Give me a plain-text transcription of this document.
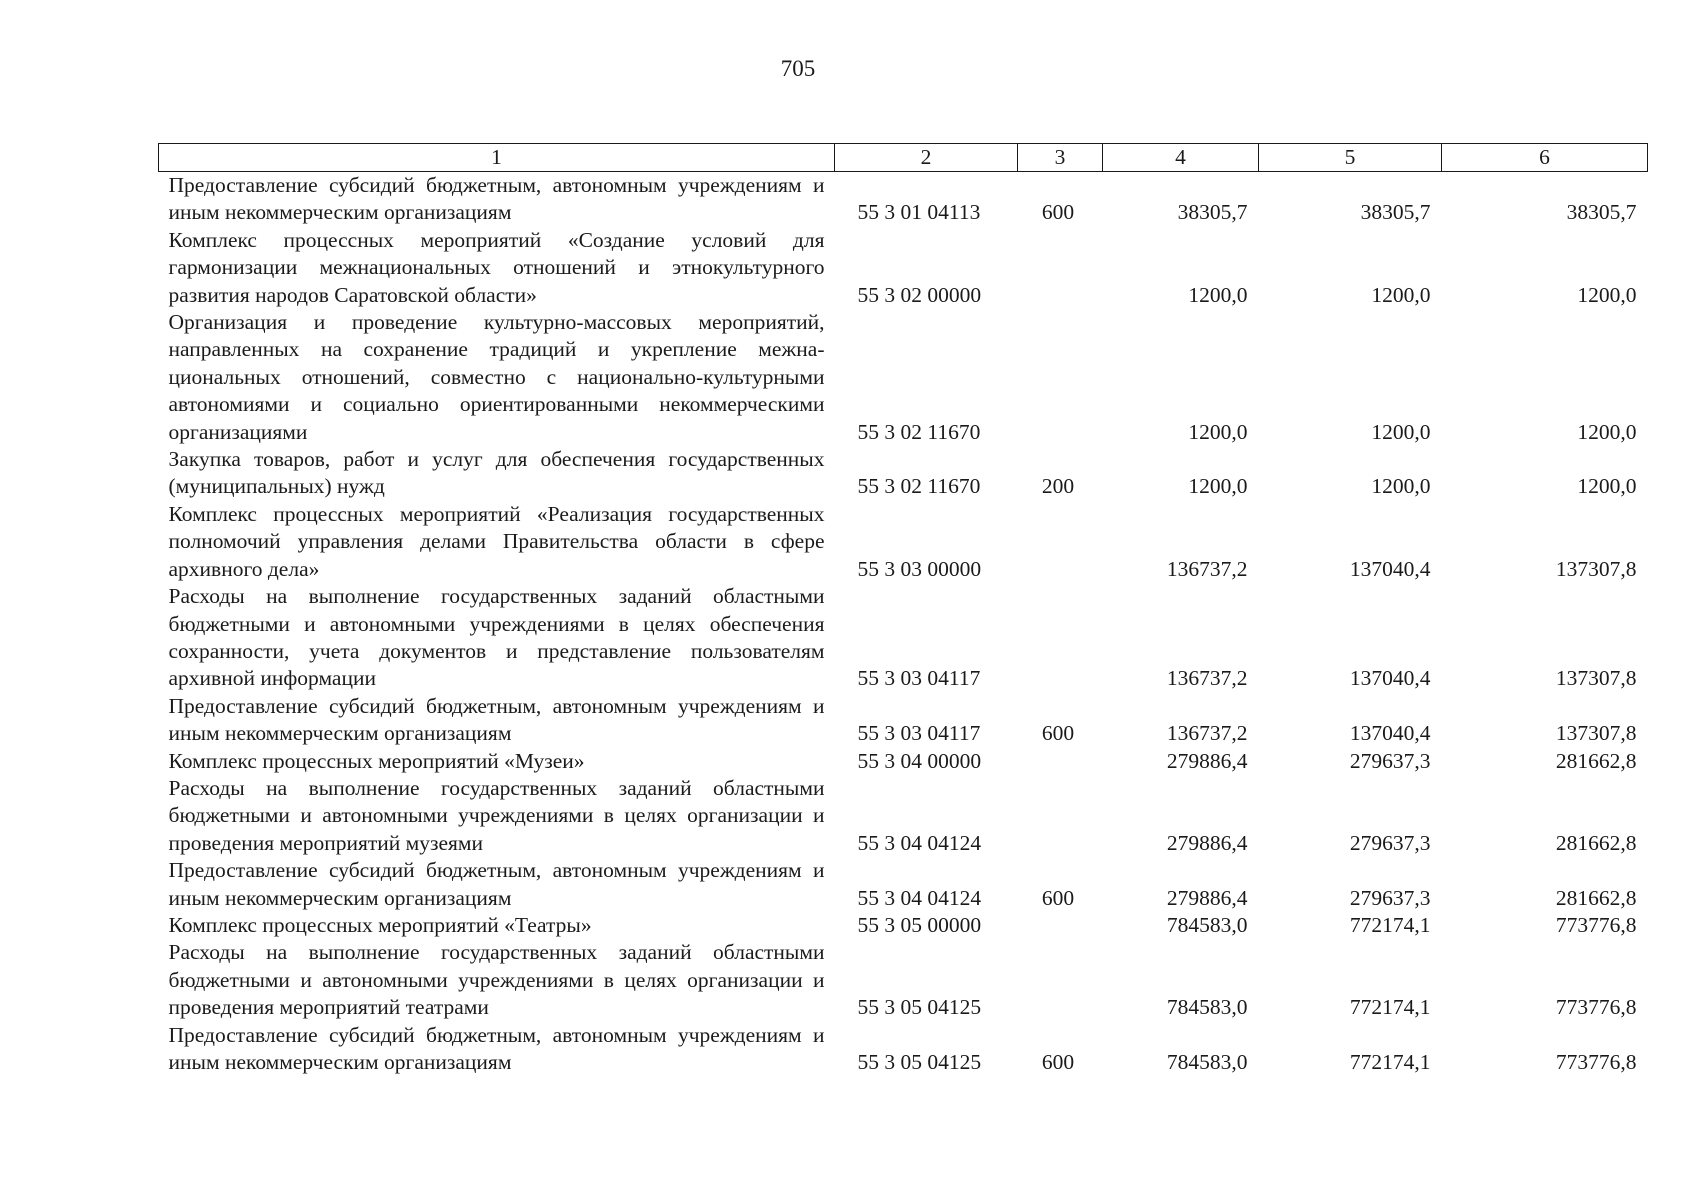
705
1	2	3	4	5	6
Предоставление субсидий бюджетным, автономным учреждениям и иным некоммерческим организациям	55 3 01 04113	600	38305,7	38305,7	38305,7
Комплекс процессных мероприятий «Создание условий для гармонизации межнациональных отношений и этнокультурного развития народов Саратовской области»	55 3 02 00000		1200,0	1200,0	1200,0
Организация и проведение культурно-массовых мероприятий, направленных на сохранение традиций и укрепление межнациональных отношений, совместно с национально-культурными автономиями и социально ориентированными некоммерческими организациями	55 3 02 11670		1200,0	1200,0	1200,0
Закупка товаров, работ и услуг для обеспечения государственных (муниципальных) нужд	55 3 02 11670	200	1200,0	1200,0	1200,0
Комплекс процессных мероприятий «Реализация государственных полномочий управления делами Правительства области в сфере архивного дела»	55 3 03 00000		136737,2	137040,4	137307,8
Расходы на выполнение государственных заданий областными бюджетными и автономными учреждениями в целях обеспечения сохранности, учета документов и представление пользователям архивной информации	55 3 03 04117		136737,2	137040,4	137307,8
Предоставление субсидий бюджетным, автономным учреждениям и иным некоммерческим организациям	55 3 03 04117	600	136737,2	137040,4	137307,8
Комплекс процессных мероприятий «Музеи»	55 3 04 00000		279886,4	279637,3	281662,8
Расходы на выполнение государственных заданий областными бюджетными и автономными учреждениями в целях организации и проведения мероприятий музеями	55 3 04 04124		279886,4	279637,3	281662,8
Предоставление субсидий бюджетным, автономным учреждениям и иным некоммерческим организациям	55 3 04 04124	600	279886,4	279637,3	281662,8
Комплекс процессных мероприятий «Театры»	55 3 05 00000		784583,0	772174,1	773776,8
Расходы на выполнение государственных заданий областными бюджетными и автономными учреждениями в целях организации и проведения мероприятий театрами	55 3 05 04125		784583,0	772174,1	773776,8
Предоставление субсидий бюджетным, автономным учреждениям и иным некоммерческим организациям	55 3 05 04125	600	784583,0	772174,1	773776,8
